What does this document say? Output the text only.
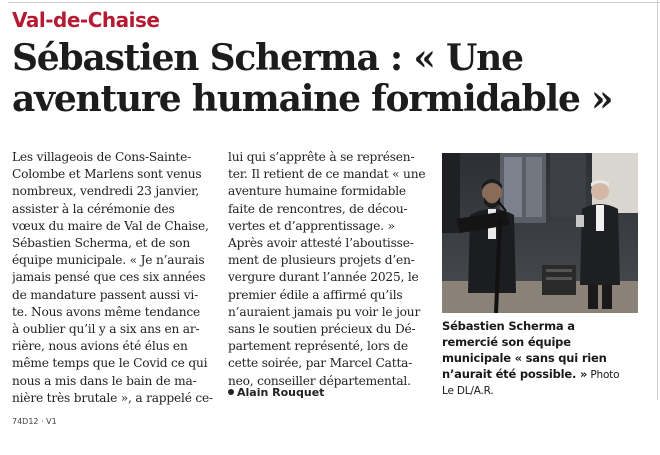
Val-de-Chaise
Sébastien Scherma : « Une
aventure humaine formidable »
Les villageois de Cons-Sainte-
Colombe et Marlens sont venus
nombreux, vendredi 23 janvier,
assister à la cérémonie des
vœux du maire de Val de Chaise,
Sébastien Scherma, et de son
équipe municipale. « Je n’aurais
jamais pensé que ces six années
de mandature passent aussi vi-
te. Nous avons même tendance
à oublier qu’il y a six ans en ar-
rière, nous avions été élus en
même temps que le Covid ce qui
nous a mis dans le bain de ma-
nière très brutale », a rappelé ce-
lui qui s’apprête à se représen-
ter. Il retient de ce mandat « une
aventure humaine formidable
faite de rencontres, de décou-
vertes et d’apprentissage. »
Après avoir attesté l’aboutisse-
ment de plusieurs projets d’en-
vergure durant l’année 2025, le
premier édile a affirmé qu’ils
n’auraient jamais pu voir le jour
sans le soutien précieux du Dé-
partement représenté, lors de
cette soirée, par Marcel Catta-
neo, conseiller départemental.
Alain Rouquet
74D12 · V1
Sébastien Scherma a
remercié son équipe
municipale « sans qui rien
n’aurait été possible. » Photo
Le DL/A.R.
